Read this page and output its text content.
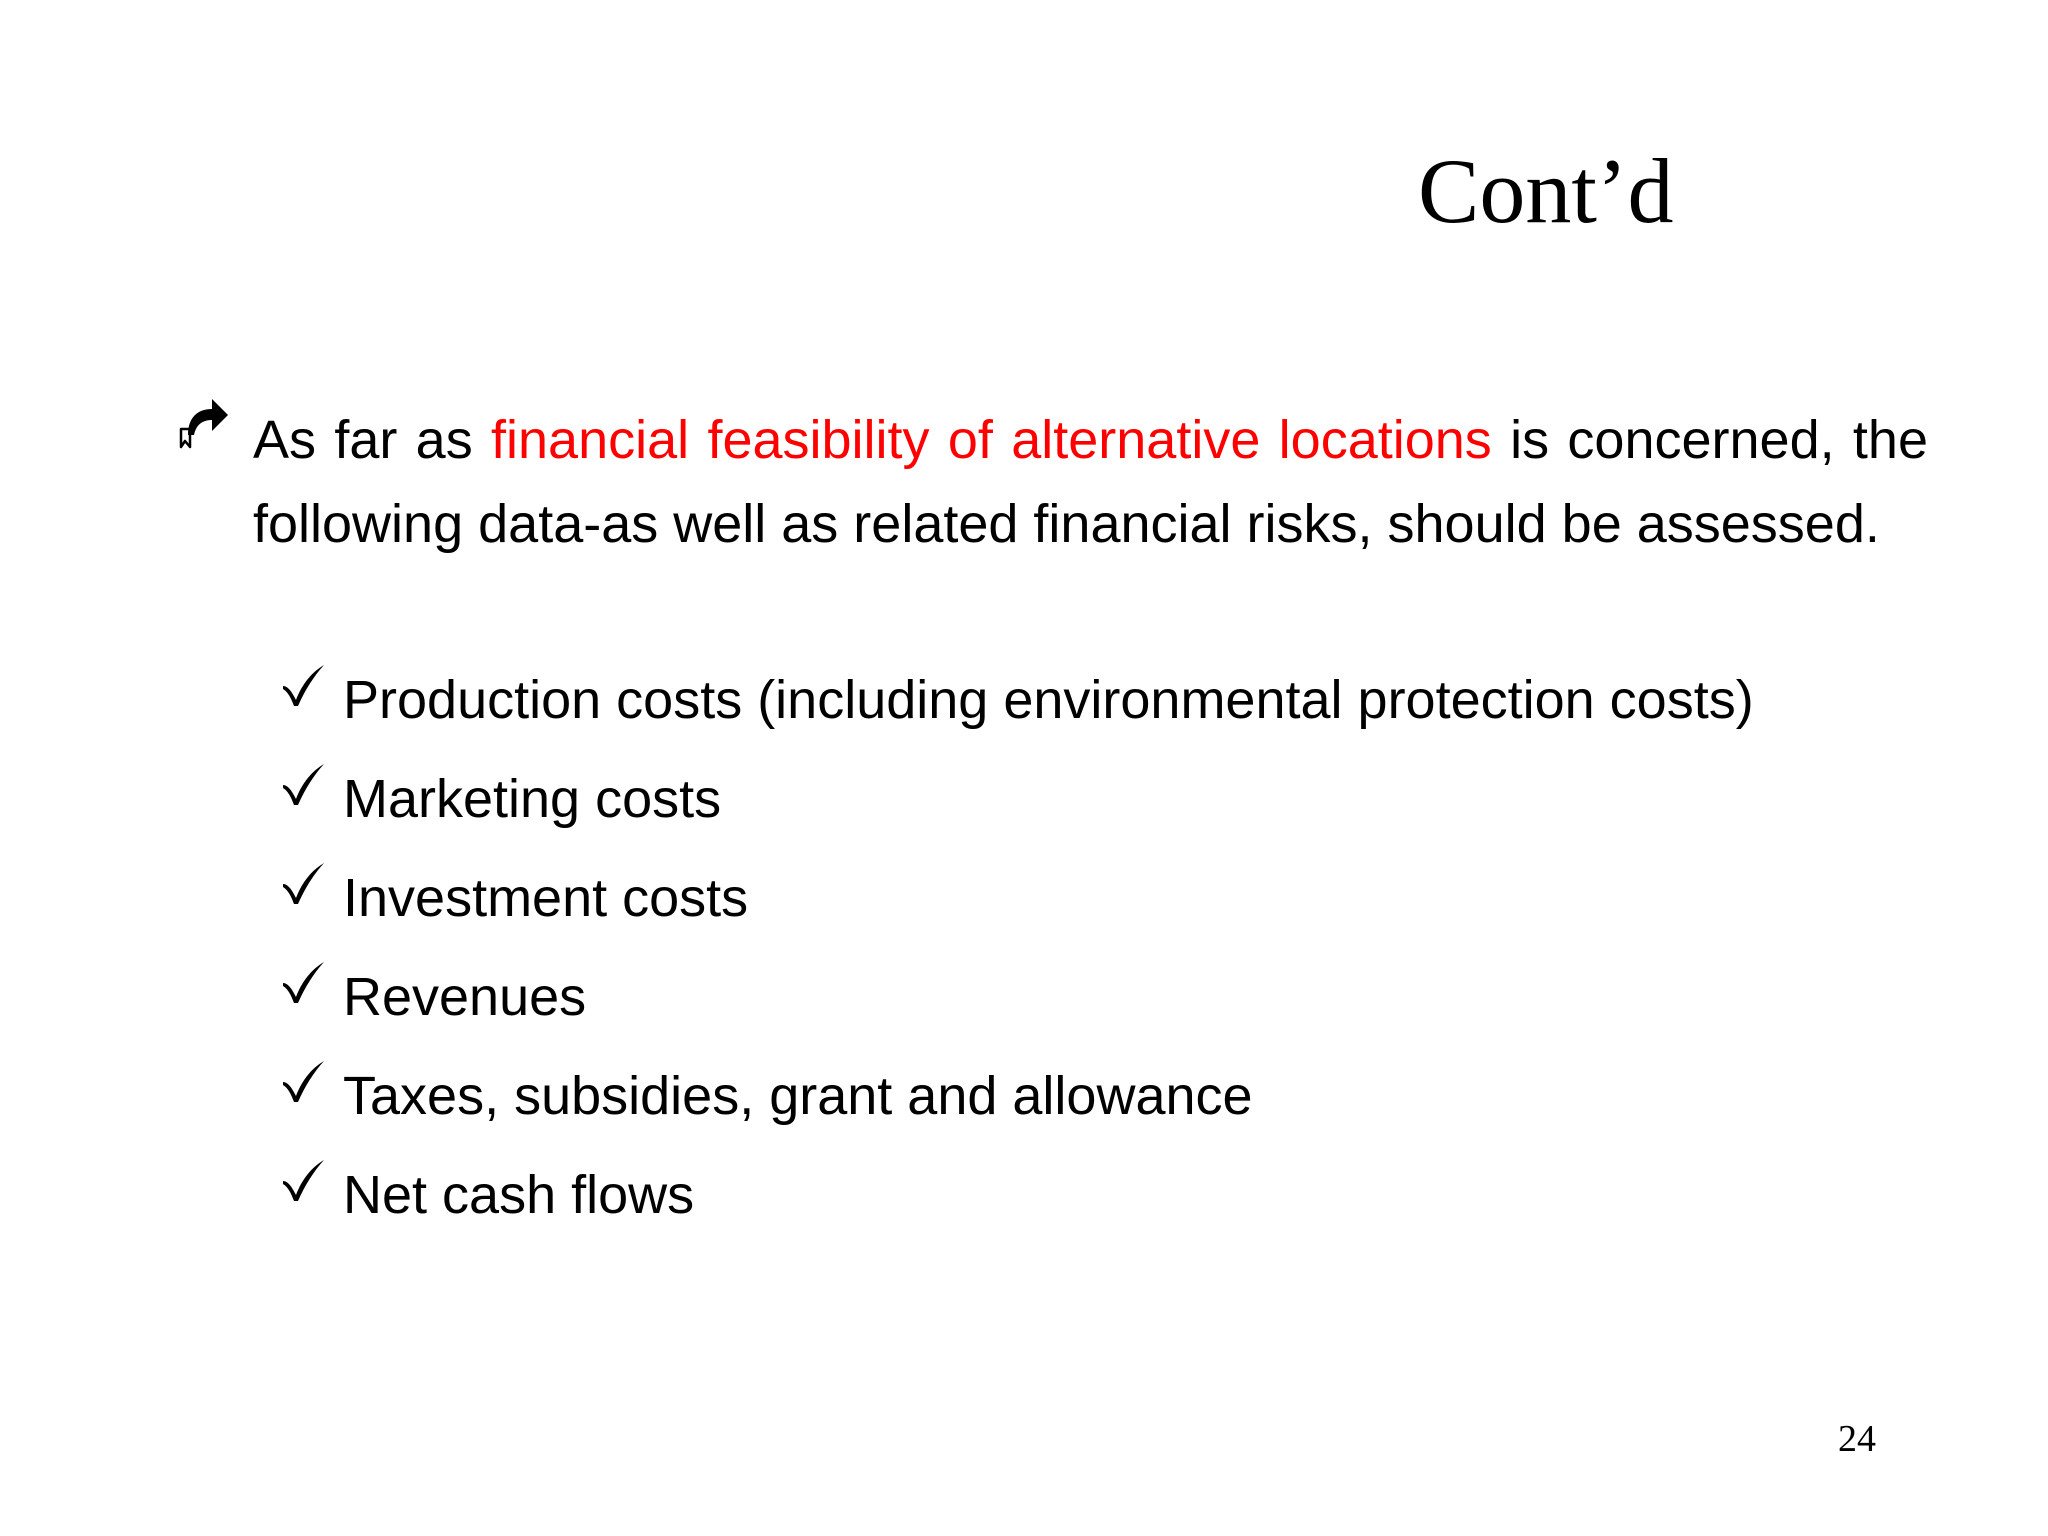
Cont’d
As far as financial feasibility of alternative locations is concerned, the following data-as well as related financial risks, should be assessed.
Production costs (including environmental protection costs)
Marketing costs
Investment costs
Revenues
Taxes, subsidies, grant and allowance
Net cash flows
24
